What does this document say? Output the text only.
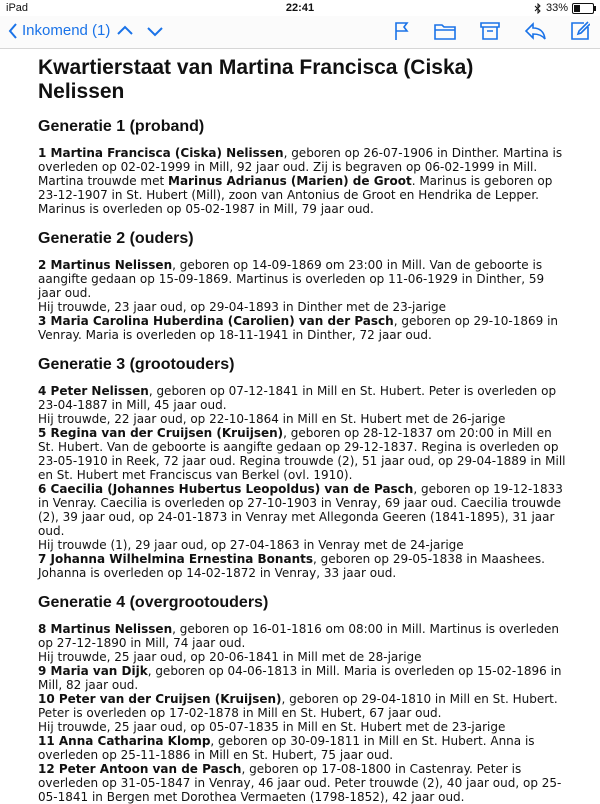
iPad	22:41	33%
Inkomend (1)
Kwartierstaat van Martina Francisca (Ciska) Nelissen
Generatie 1 (proband)

1 Martina Francisca (Ciska) Nelissen, geboren op 26-07-1906 in Dinther. Martina is overleden op 02-02-1999 in Mill, 92 jaar oud. Zij is begraven op 06-02-1999 in Mill. Martina trouwde met Marinus Adrianus (Marien) de Groot. Marinus is geboren op 23-12-1907 in St. Hubert (Mill), zoon van Antonius de Groot en Hendrika de Lepper. Marinus is overleden op 05-02-1987 in Mill, 79 jaar oud.

Generatie 2 (ouders)

2 Martinus Nelissen, geboren op 14-09-1869 om 23:00 in Mill. Van de geboorte is aangifte gedaan op 15-09-1869. Martinus is overleden op 11-06-1929 in Dinther, 59 jaar oud.

Hij trouwde, 23 jaar oud, op 29-04-1893 in Dinther met de 23-jarige

3 Maria Carolina Huberdina (Carolien) van der Pasch, geboren op 29-10-1869 in Venray. Maria is overleden op 18-11-1941 in Dinther, 72 jaar oud.

Generatie 3 (grootouders)

4 Peter Nelissen, geboren op 07-12-1841 in Mill en St. Hubert. Peter is overleden op 23-04-1887 in Mill, 45 jaar oud.

Hij trouwde, 22 jaar oud, op 22-10-1864 in Mill en St. Hubert met de 26-jarige

5 Regina van der Cruijsen (Kruijsen), geboren op 28-12-1837 om 20:00 in Mill en St. Hubert. Van de geboorte is aangifte gedaan op 29-12-1837. Regina is overleden op 23-05-1910 in Reek, 72 jaar oud. Regina trouwde (2), 51 jaar oud, op 29-04-1889 in Mill en St. Hubert met Franciscus van Berkel (ovl. 1910).

6 Caecilia (Johannes Hubertus Leopoldus) van de Pasch, geboren op 19-12-1833 in Venray. Caecilia is overleden op 27-10-1903 in Venray, 69 jaar oud. Caecilia trouwde (2), 39 jaar oud, op 24-01-1873 in Venray met Allegonda Geeren (1841-1895), 31 jaar oud.

Hij trouwde (1), 29 jaar oud, op 27-04-1863 in Venray met de 24-jarige

7 Johanna Wilhelmina Ernestina Bonants, geboren op 29-05-1838 in Maashees. Johanna is overleden op 14-02-1872 in Venray, 33 jaar oud.

Generatie 4 (overgrootouders)

8 Martinus Nelissen, geboren op 16-01-1816 om 08:00 in Mill. Martinus is overleden op 27-12-1890 in Mill, 74 jaar oud.

Hij trouwde, 25 jaar oud, op 20-06-1841 in Mill met de 28-jarige

9 Maria van Dijk, geboren op 04-06-1813 in Mill. Maria is overleden op 15-02-1896 in Mill, 82 jaar oud.

10 Peter van der Cruijsen (Kruijsen), geboren op 29-04-1810 in Mill en St. Hubert. Peter is overleden op 17-02-1878 in Mill en St. Hubert, 67 jaar oud.

Hij trouwde, 25 jaar oud, op 05-07-1835 in Mill en St. Hubert met de 23-jarige

11 Anna Catharina Klomp, geboren op 30-09-1811 in Mill en St. Hubert. Anna is overleden op 25-11-1886 in Mill en St. Hubert, 75 jaar oud.

12 Peter Antoon van de Pasch, geboren op 17-08-1800 in Castenray. Peter is overleden op 31-05-1847 in Venray, 46 jaar oud. Peter trouwde (2), 40 jaar oud, op 25-05-1841 in Bergen met Dorothea Vermaeten (1798-1852), 42 jaar oud.
